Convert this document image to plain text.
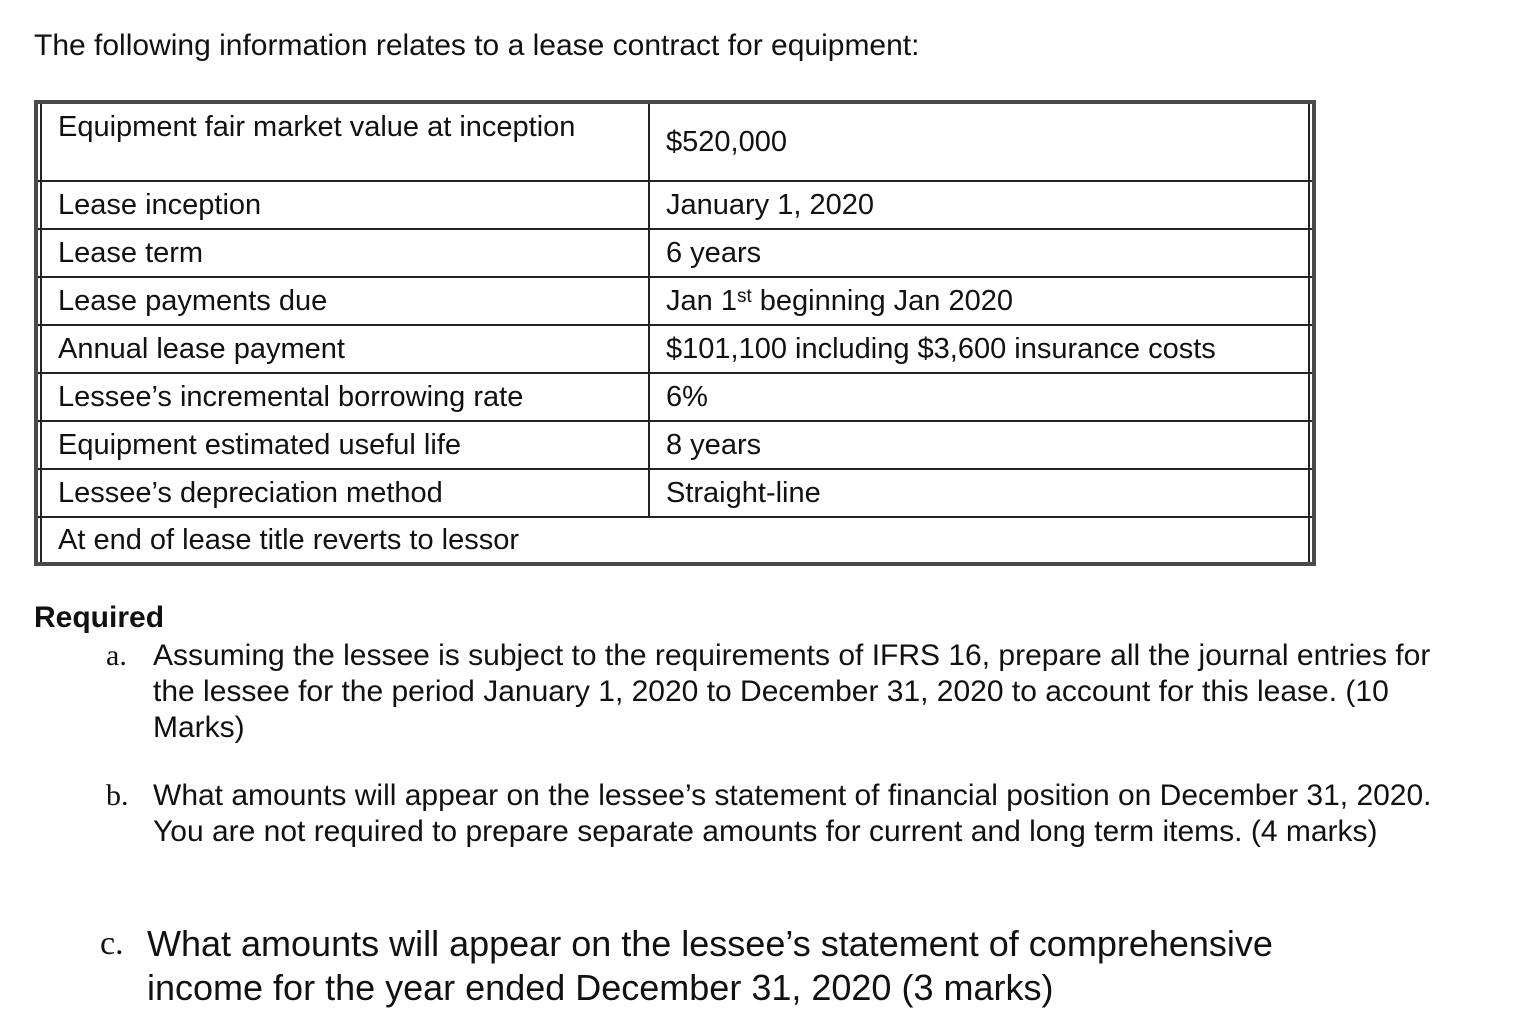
The following information relates to a lease contract for equipment:

Equipment fair market value at inception	$520,000
Lease inception	January 1, 2020
Lease term	6 years
Lease payments due	Jan 1st beginning Jan 2020
Annual lease payment	$101,100 including $3,600 insurance costs
Lessee’s incremental borrowing rate	6%
Equipment estimated useful life	8 years
Lessee’s depreciation method	Straight-line
At end of lease title reverts to lessor

Required

a. Assuming the lessee is subject to the requirements of IFRS 16, prepare all the journal entries for the lessee for the period January 1, 2020 to December 31, 2020 to account for this lease. (10 Marks)
b. What amounts will appear on the lessee’s statement of financial position on December 31, 2020. You are not required to prepare separate amounts for current and long term items. (4 marks)
c. What amounts will appear on the lessee’s statement of comprehensive income for the year ended December 31, 2020 (3 marks)
